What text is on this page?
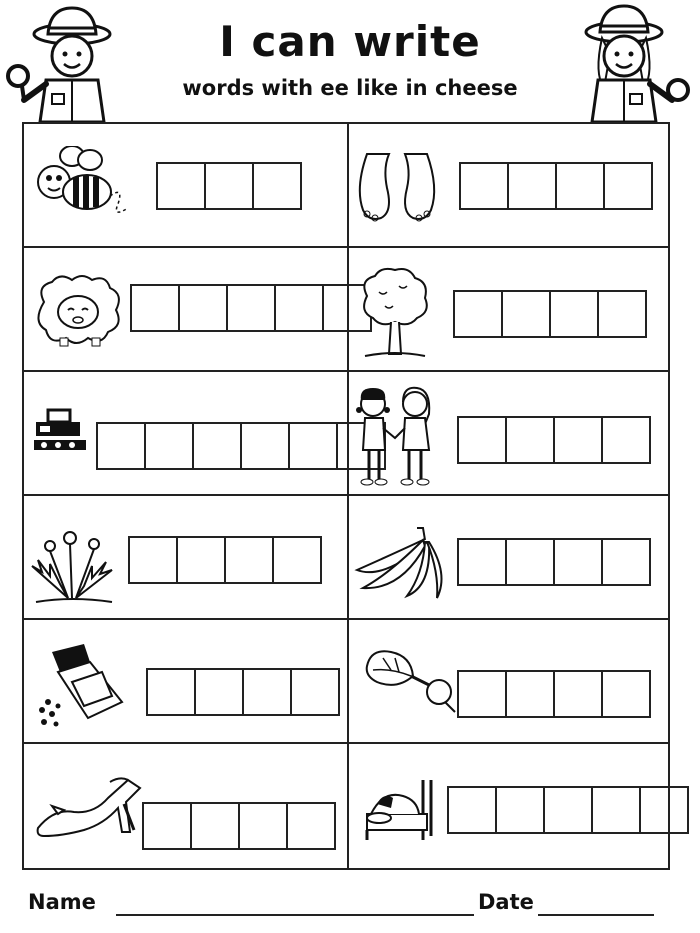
I can write
words with ee like in cheese
Name	Date
